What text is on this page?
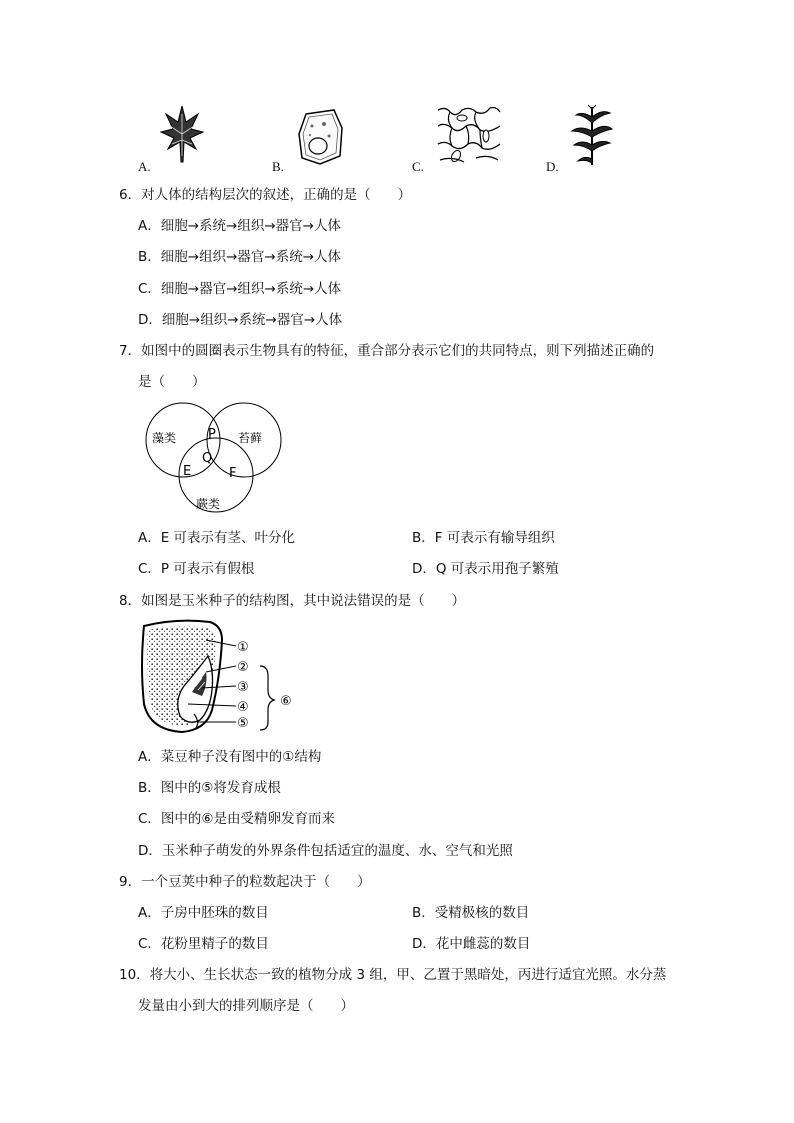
A.	B.	C.	D.
6．对人体的结构层次的叙述，正确的是（　　）
A．细胞→系统→组织→器官→人体
B．细胞→组织→器官→系统→人体
C．细胞→器官→组织→系统→人体
D．细胞→组织→系统→器官→人体
7．如图中的圆圈表示生物具有的特征，重合部分表示它们的共同特点，则下列描述正确的
是（　　）
藻类	苔藓
蕨类
P
Q
E	F
A．E 可表示有茎、叶分化	B．F 可表示有输导组织
C．P 可表示有假根	D．Q 可表示用孢子繁殖
8．如图是玉米种子的结构图，其中说法错误的是（　　）
①
②
③
④
⑤
⑥
A．菜豆种子没有图中的①结构
B．图中的⑤将发育成根
C．图中的⑥是由受精卵发育而来
D．玉米种子萌发的外界条件包括适宜的温度、水、空气和光照
9．一个豆荚中种子的粒数起决于（　　）
A．子房中胚珠的数目	B．受精极核的数目
C．花粉里精子的数目	D．花中雌蕊的数目
10．将大小、生长状态一致的植物分成 3 组，甲、乙置于黑暗处，丙进行适宜光照。水分蒸
发量由小到大的排列顺序是（　　）
